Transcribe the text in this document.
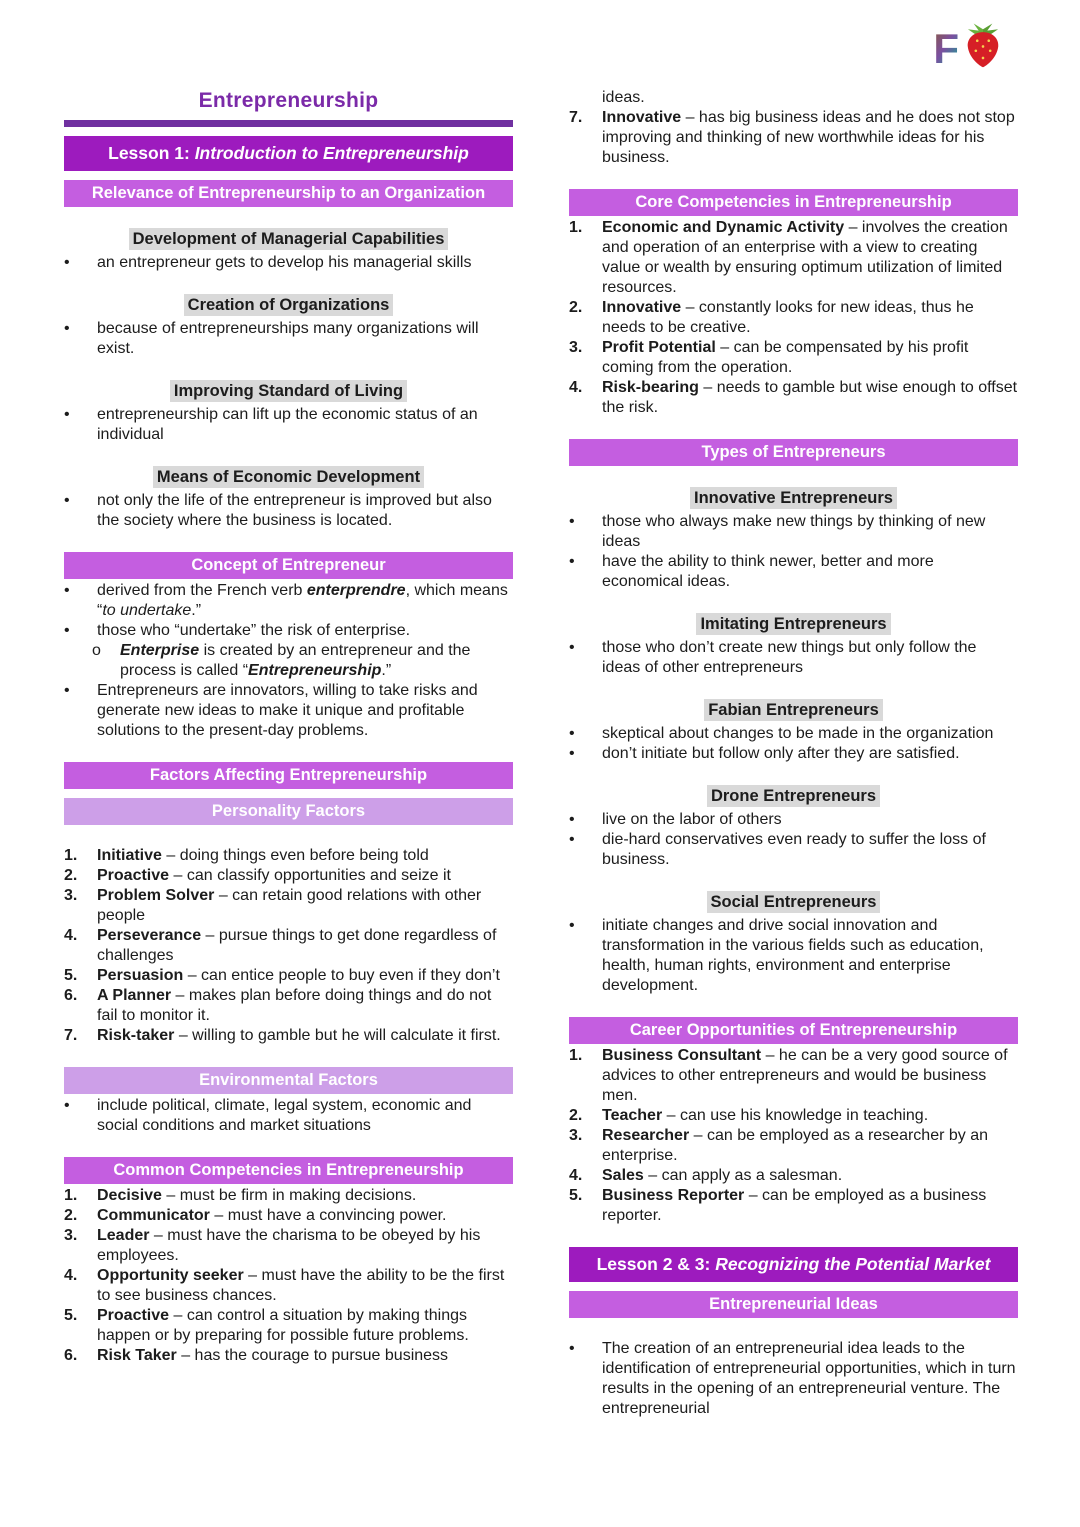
F
Entrepreneurship
Lesson 1: Introduction to Entrepreneurship
Relevance of Entrepreneurship to an Organization
Development of Managerial Capabilities
•	an entrepreneur gets to develop his managerial skills
Creation of Organizations
•	because of entrepreneurships many organizations will exist.
Improving Standard of Living
•	entrepreneurship can lift up the economic status of an individual
Means of Economic Development
•	not only the life of the entrepreneur is improved but also the society where the business is located.
Concept of Entrepreneur
•	derived from the French verb enterprendre, which means “to undertake.”
•	those who “undertake” the risk of enterprise.
o	Enterprise is created by an entrepreneur and the process is called “Entrepreneurship.”
•	Entrepreneurs are innovators, willing to take risks and generate new ideas to make it unique and profitable solutions to the present-day problems.
Factors Affecting Entrepreneurship
Personality Factors
1.	Initiative – doing things even before being told
2.	Proactive – can classify opportunities and seize it
3.	Problem Solver – can retain good relations with other people
4.	Perseverance – pursue things to get done regardless of challenges
5.	Persuasion – can entice people to buy even if they don’t
6.	A Planner – makes plan before doing things and do not fail to monitor it.
7.	Risk-taker – willing to gamble but he will calculate it first.
Environmental Factors
•	include political, climate, legal system, economic and social conditions and market situations
Common Competencies in Entrepreneurship
1.	Decisive – must be firm in making decisions.
2.	Communicator – must have a convincing power.
3.	Leader – must have the charisma to be obeyed by his employees.
4.	Opportunity seeker – must have the ability to be the first to see business chances.
5.	Proactive – can control a situation by making things happen or by preparing for possible future problems.
6.	Risk Taker – has the courage to pursue business
ideas.
7.	Innovative – has big business ideas and he does not stop improving and thinking of new worthwhile ideas for his business.
Core Competencies in Entrepreneurship
1.	Economic and Dynamic Activity – involves the creation and operation of an enterprise with a view to creating value or wealth by ensuring optimum utilization of limited resources.
2.	Innovative – constantly looks for new ideas, thus he needs to be creative.
3.	Profit Potential – can be compensated by his profit coming from the operation.
4.	Risk-bearing – needs to gamble but wise enough to offset the risk.
Types of Entrepreneurs
Innovative Entrepreneurs
•	those who always make new things by thinking of new ideas
•	have the ability to think newer, better and more economical ideas.
Imitating Entrepreneurs
•	those who don’t create new things but only follow the ideas of other entrepreneurs
Fabian Entrepreneurs
•	skeptical about changes to be made in the organization
•	don’t initiate but follow only after they are satisfied.
Drone Entrepreneurs
•	live on the labor of others
•	die-hard conservatives even ready to suffer the loss of business.
Social Entrepreneurs
•	initiate changes and drive social innovation and transformation in the various fields such as education, health, human rights, environment and enterprise development.
Career Opportunities of Entrepreneurship
1.	Business Consultant – he can be a very good source of advices to other entrepreneurs and would be business men.
2.	Teacher – can use his knowledge in teaching.
3.	Researcher – can be employed as a researcher by an enterprise.
4.	Sales – can apply as a salesman.
5.	Business Reporter – can be employed as a business reporter.
Lesson 2 & 3: Recognizing the Potential Market
Entrepreneurial Ideas
•	The creation of an entrepreneurial idea leads to the identification of entrepreneurial opportunities, which in turn results in the opening of an entrepreneurial venture. The entrepreneurial
